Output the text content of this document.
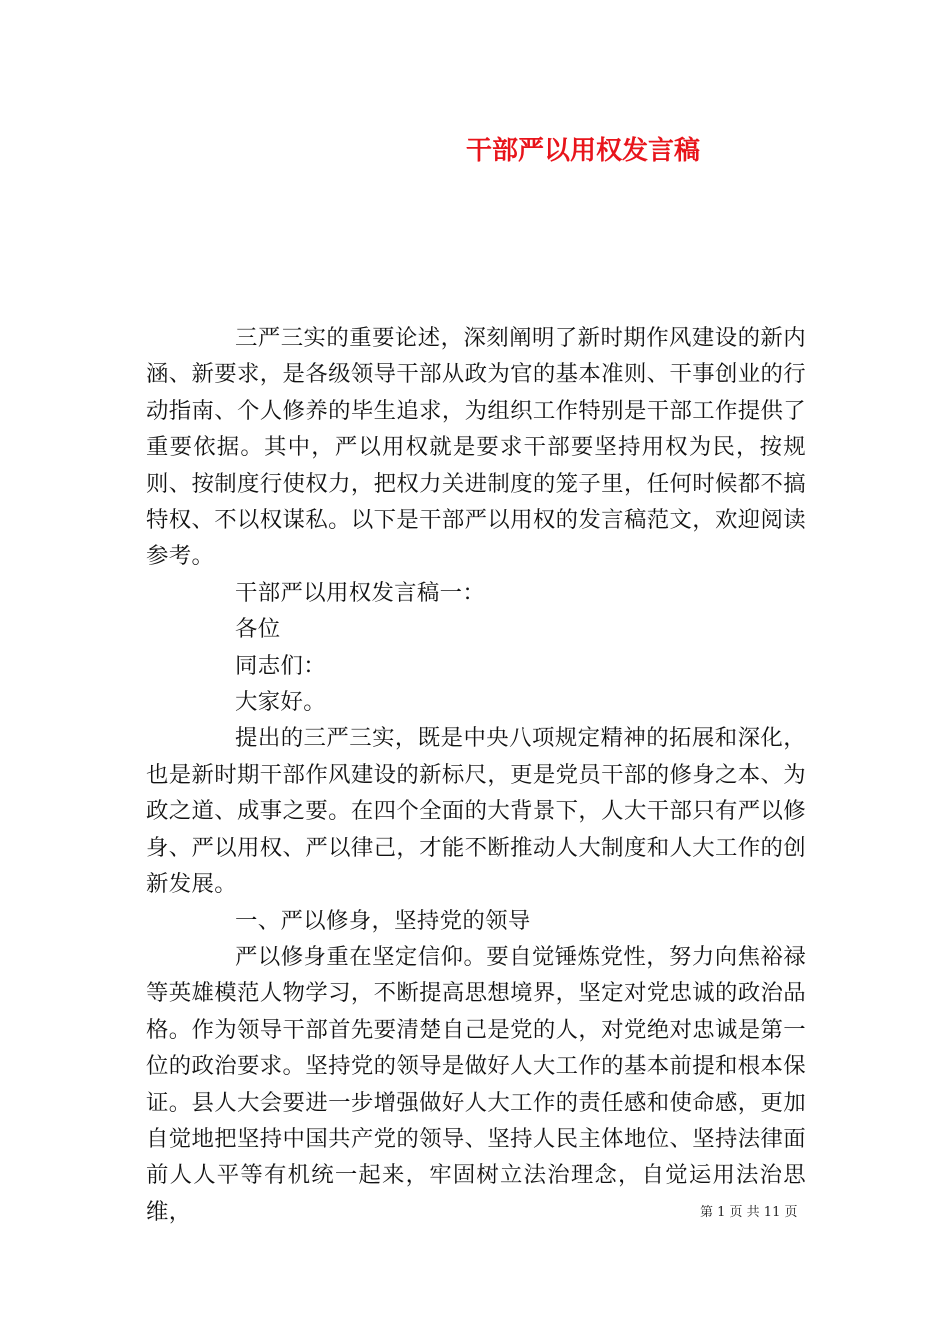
干部严以用权发言稿

三严三实的重要论述，深刻阐明了新时期作风建设的新内涵、新要求，是各级领导干部从政为官的基本准则、干事创业的行动指南、个人修养的毕生追求，为组织工作特别是干部工作提供了重要依据。其中，严以用权就是要求干部要坚持用权为民，按规则、按制度行使权力，把权力关进制度的笼子里，任何时候都不搞特权、不以权谋私。以下是干部严以用权的发言稿范文，欢迎阅读参考。

干部严以用权发言稿一：

各位

同志们：

大家好。

提出的三严三实，既是中央八项规定精神的拓展和深化，也是新时期干部作风建设的新标尺，更是党员干部的修身之本、为政之道、成事之要。在四个全面的大背景下，人大干部只有严以修身、严以用权、严以律己，才能不断推动人大制度和人大工作的创新发展。

一、严以修身，坚持党的领导

严以修身重在坚定信仰。要自觉锤炼党性，努力向焦裕禄等英雄模范人物学习，不断提高思想境界，坚定对党忠诚的政治品格。作为领导干部首先要清楚自己是党的人，对党绝对忠诚是第一位的政治要求。坚持党的领导是做好人大工作的基本前提和根本保证。县人大会要进一步增强做好人大工作的责任感和使命感，更加自觉地把坚持中国共产党的领导、坚持人民主体地位、坚持法律面前人人平等有机统一起来，牢固树立法治理念，自觉运用法治思维，	第 1 页 共 11 页
